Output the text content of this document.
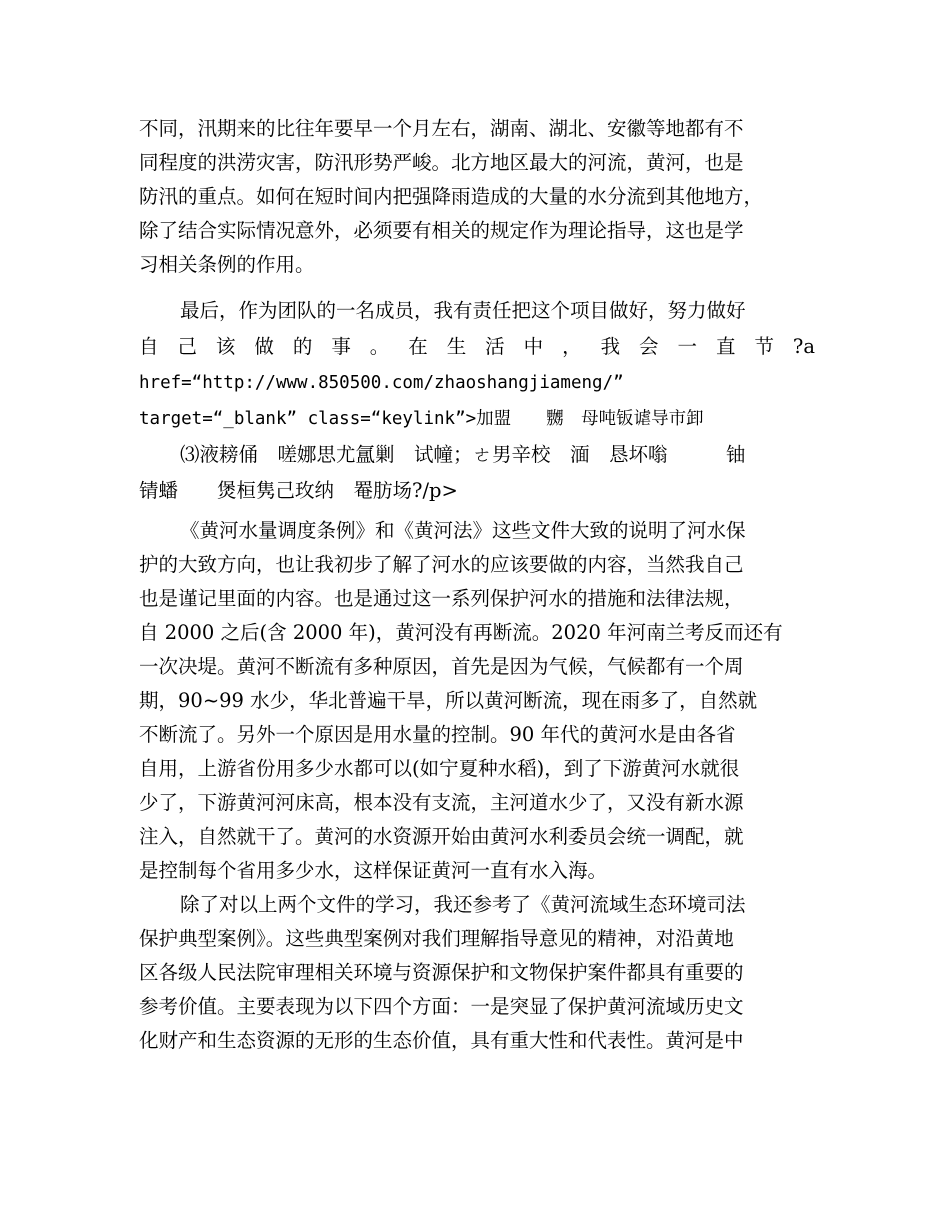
不同，汛期来的比往年要早一个月左右，湖南、湖北、安徽等地都有不
同程度的洪涝灾害，防汛形势严峻。北方地区最大的河流，黄河，也是
防汛的重点。如何在短时间内把强降雨造成的大量的水分流到其他地方，
除了结合实际情况意外，必须要有相关的规定作为理论指导，这也是学
习相关条例的作用。
最后，作为团队的一名成员，我有责任把这个项目做好，努力做好
自 己 该 做 的 事 。 在 生 活 中 ， 我 会 一 直 节 ?a
href=“http://www.850500.com/zhaoshangjiameng/”
target=“_blank” class=“keylink”>加盟　　嬲　母吨钣谑导市卸
⑶液耪俑　嗟娜思尤氲剿　试幢；ㄜ男辛校　湎　恳坏嗡　　　铀
锖蟠　　煲桓隽己玫纳　罨肪场?/p>
《黄河水量调度条例》和《黄河法》这些文件大致的说明了河水保
护的大致方向，也让我初步了解了河水的应该要做的内容，当然我自己
也是谨记里面的内容。也是通过这一系列保护河水的措施和法律法规，
自 2000 之后(含 2000 年)，黄河没有再断流。2020 年河南兰考反而还有
一次决堤。黄河不断流有多种原因，首先是因为气候，气候都有一个周
期，90~99 水少，华北普遍干旱，所以黄河断流，现在雨多了，自然就
不断流了。另外一个原因是用水量的控制。90 年代的黄河水是由各省
自用，上游省份用多少水都可以(如宁夏种水稻)，到了下游黄河水就很
少了，下游黄河河床高，根本没有支流，主河道水少了，又没有新水源
注入，自然就干了。黄河的水资源开始由黄河水利委员会统一调配，就
是控制每个省用多少水，这样保证黄河一直有水入海。
除了对以上两个文件的学习，我还参考了《黄河流域生态环境司法
保护典型案例》。这些典型案例对我们理解指导意见的精神，对沿黄地
区各级人民法院审理相关环境与资源保护和文物保护案件都具有重要的
参考价值。主要表现为以下四个方面：一是突显了保护黄河流域历史文
化财产和生态资源的无形的生态价值，具有重大性和代表性。黄河是中
